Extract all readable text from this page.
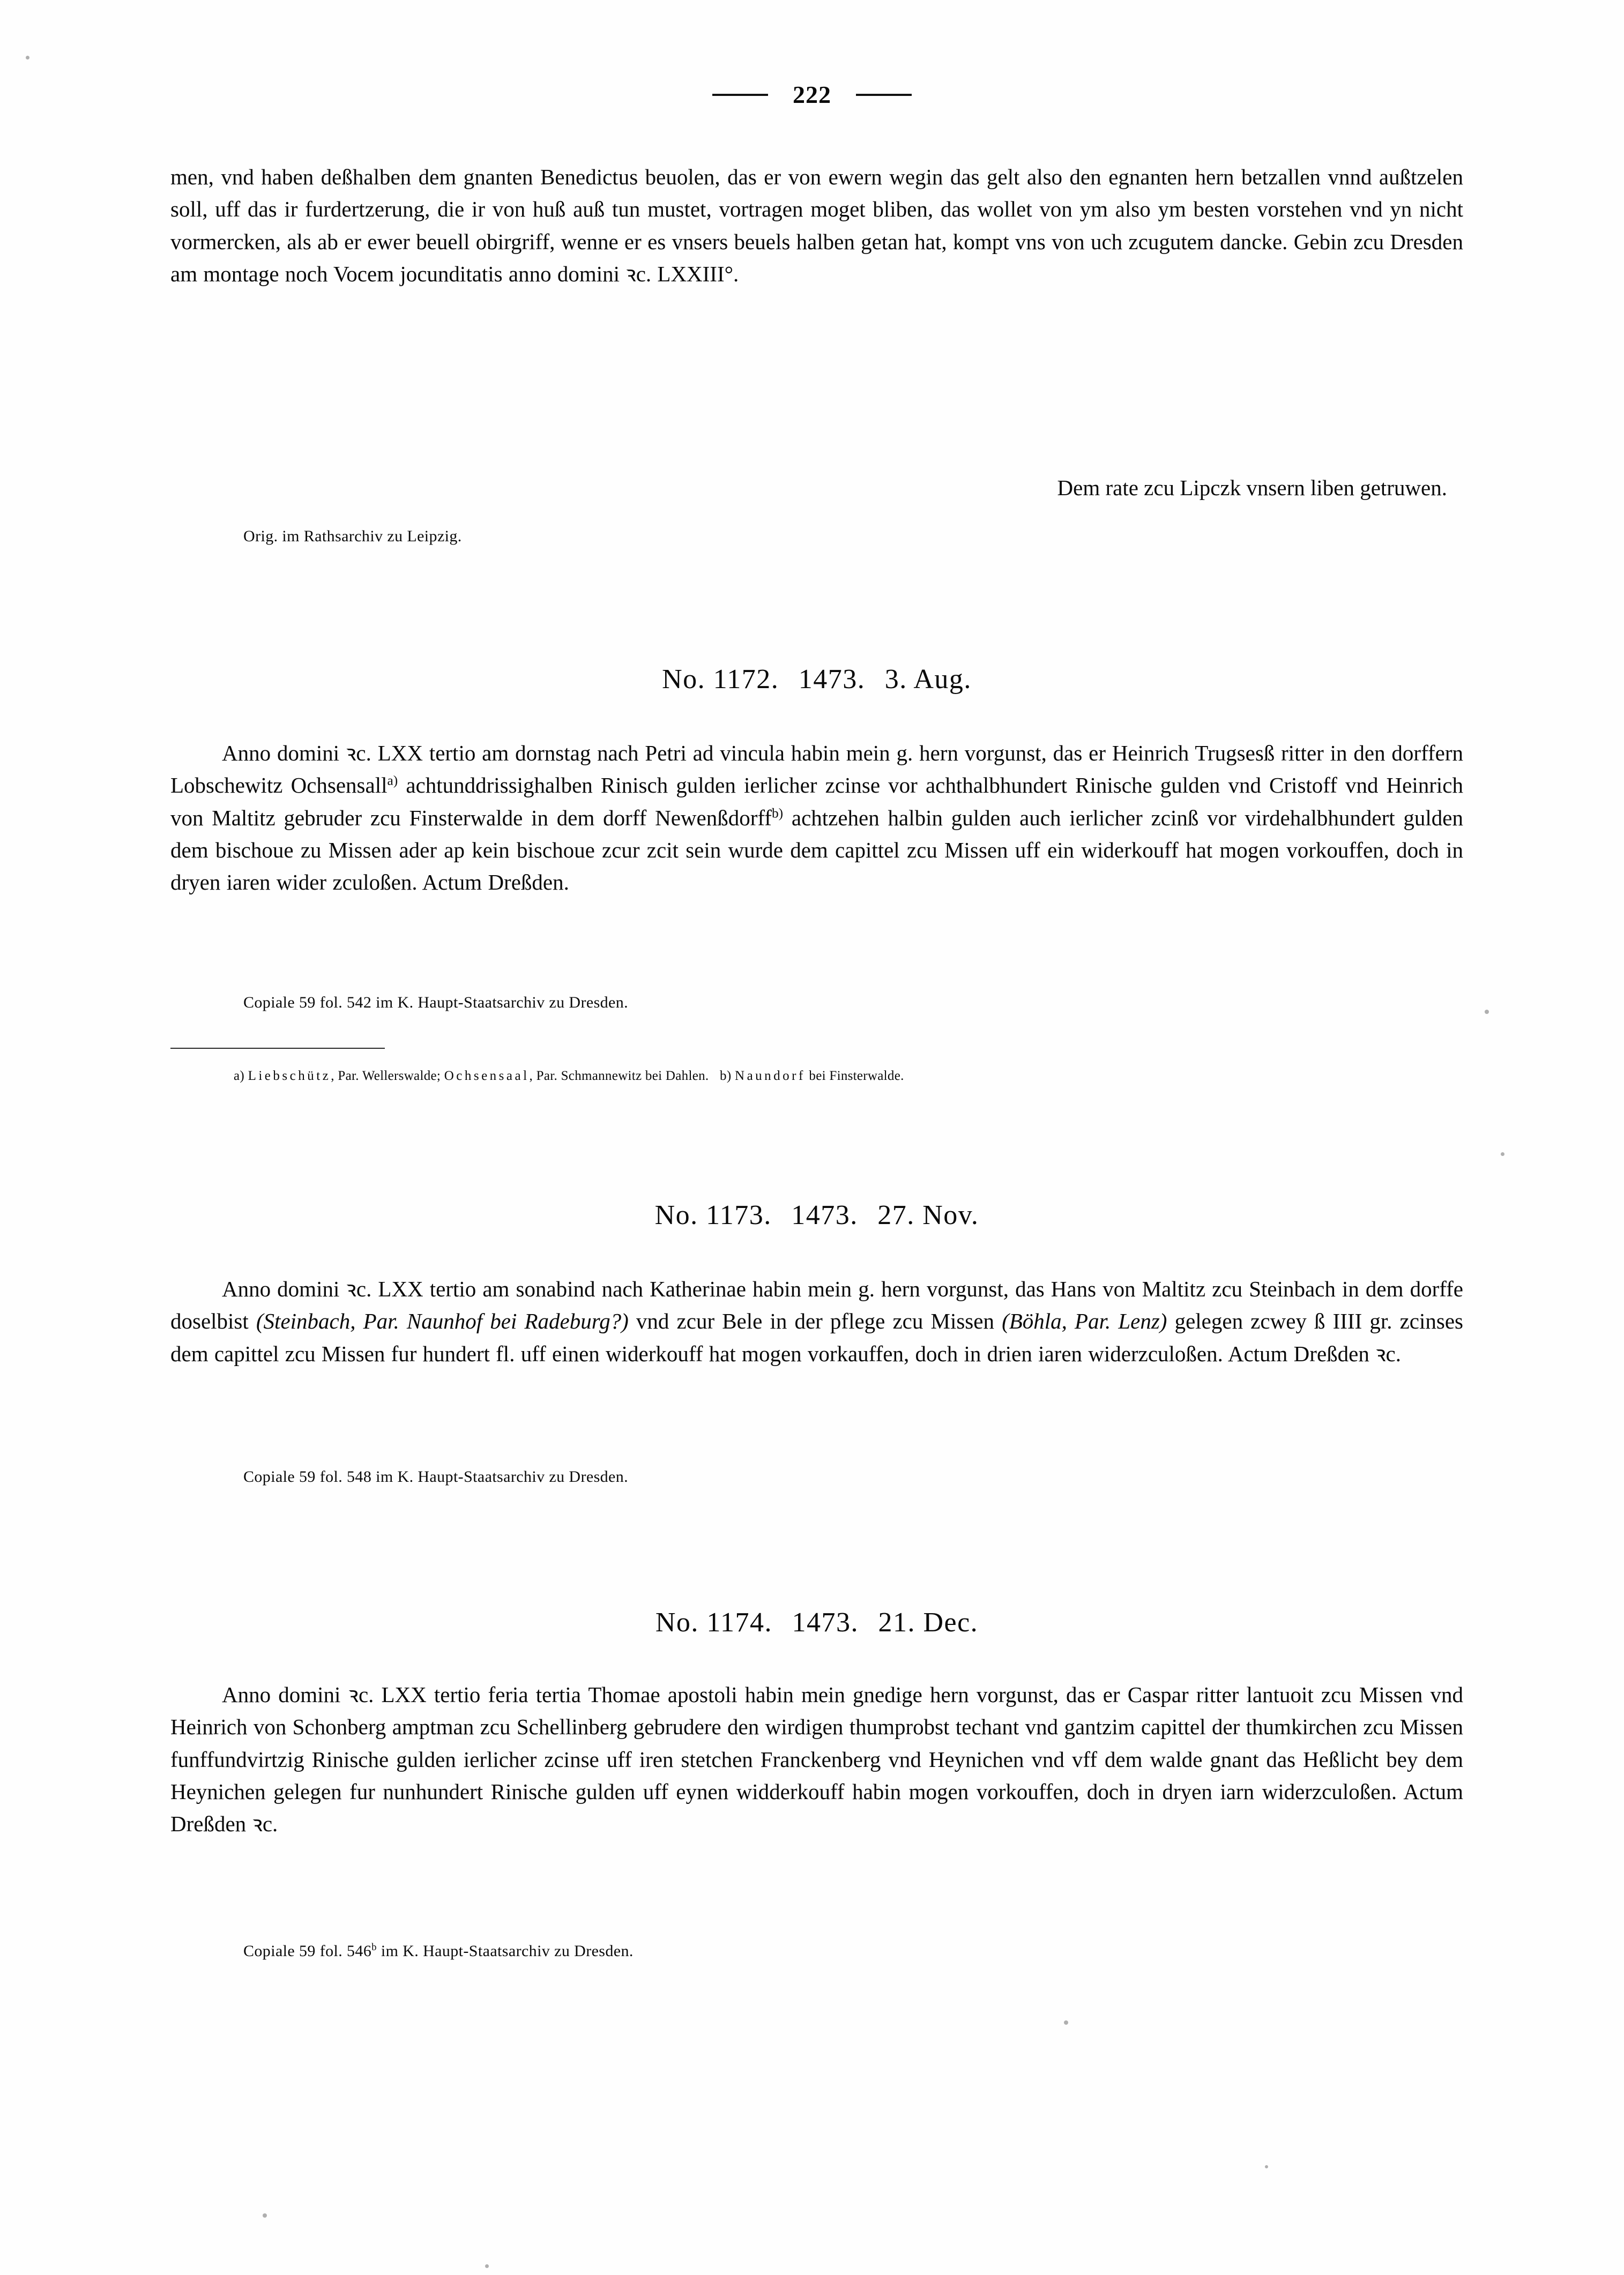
222

men, vnd haben deßhalben dem gnanten Benedictus beuolen, das er von ewern wegin das gelt also den egnanten hern betzallen vnnd außtzelen soll, uff das ir furdertzerung, die ir von huß auß tun mustet, vortragen moget bliben, das wollet von ym also ym besten vorstehen vnd yn nicht vormercken, als ab er ewer beuell obirgriff, wenne er es vnsers beuels halben getan hat, kompt vns von uch zcugutem dancke. Gebin zcu Dresden am montage noch Vocem jocunditatis anno domini ꝛc. LXXIII°.

Dem rate zcu Lipczk vnsern liben getruwen.

Orig. im Rathsarchiv zu Leipzig.

No. 1172. 1473. 3. Aug.

Anno domini ꝛc. LXX tertio am dornstag nach Petri ad vincula habin mein g. hern vorgunst, das er Heinrich Trugsesß ritter in den dorffern Lobschewitz Ochsensall$^{a)}$ achtunddrissighalben Rinisch gulden ierlicher zcinse vor achthalbhundert Rinische gulden vnd Cristoff vnd Heinrich von Maltitz gebruder zcu Finsterwalde in dem dorff Newenßdorff$^{b)}$ achtzehen halbin gulden auch ierlicher zcinß vor virdehalbhundert gulden dem bischoue zu Missen ader ap kein bischoue zcur zcit sein wurde dem capittel zcu Missen uff ein widerkouff hat mogen vorkouffen, doch in dryen iaren wider zculoßen. Actum Dreßden.

Copiale 59 fol. 542 im K. Haupt-Staatsarchiv zu Dresden.

a) Liebschütz, Par. Wellerswalde; Ochsensaal, Par. Schmannewitz bei Dahlen. b) Naundorf bei Finsterwalde.

No. 1173. 1473. 27. Nov.

Anno domini ꝛc. LXX tertio am sonabind nach Katherinae habin mein g. hern vorgunst, das Hans von Maltitz zcu Steinbach in dem dorffe doselbist (Steinbach, Par. Naunhof bei Radeburg?) vnd zcur Bele in der pflege zcu Missen (Böhla, Par. Lenz) gelegen zcwey ß IIII gr. zcinses dem capittel zcu Missen fur hundert fl. uff einen widerkouff hat mogen vorkauffen, doch in drien iaren widerzculoßen. Actum Dreßden ꝛc.

Copiale 59 fol. 548 im K. Haupt-Staatsarchiv zu Dresden.

No. 1174. 1473. 21. Dec.

Anno domini ꝛc. LXX tertio feria tertia Thomae apostoli habin mein gnedige hern vorgunst, das er Caspar ritter lantuoit zcu Missen vnd Heinrich von Schonberg amptman zcu Schellinberg gebrudere den wirdigen thumprobst techant vnd gantzim capittel der thumkirchen zcu Missen funffundvirtzig Rinische gulden ierlicher zcinse uff iren stetchen Franckenberg vnd Heynichen vnd vff dem walde gnant das Heßlicht bey dem Heynichen gelegen fur nunhundert Rinische gulden uff eynen widderkouff habin mogen vorkouffen, doch in dryen iarn widerzculoßen. Actum Dreßden ꝛc.

Copiale 59 fol. 546$^b$ im K. Haupt-Staatsarchiv zu Dresden.
